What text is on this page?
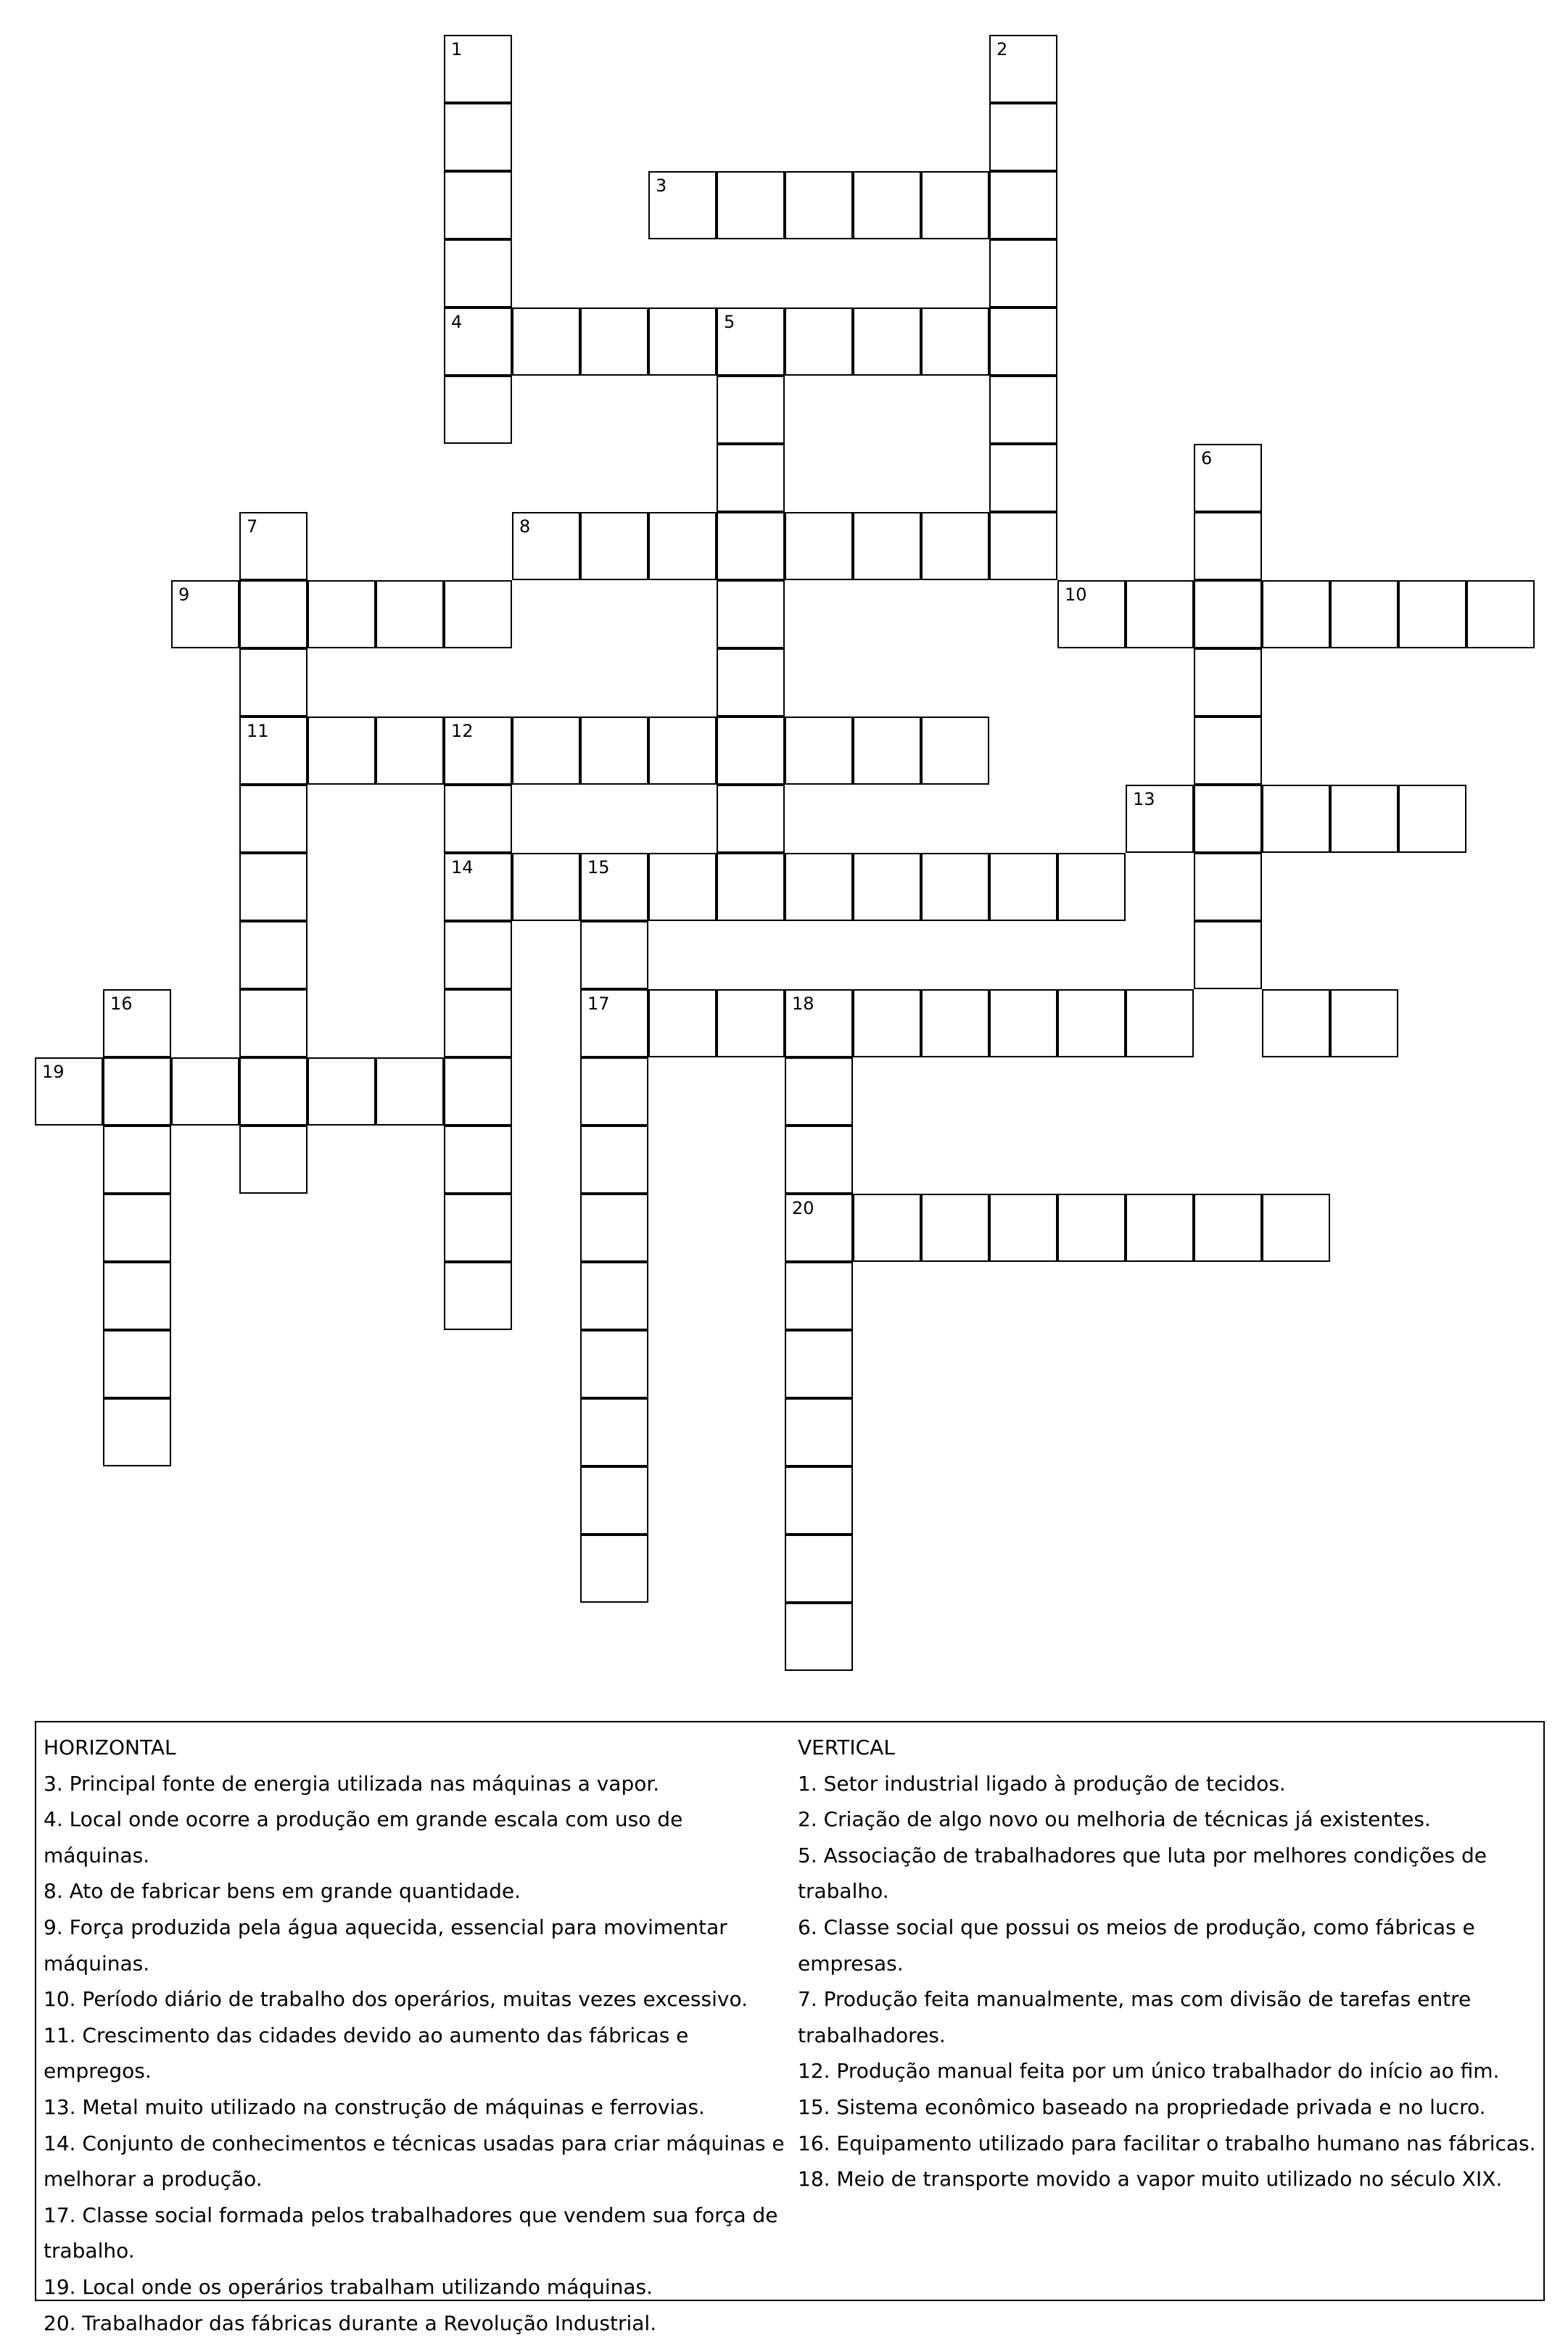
1
4
2
3
5
8
6
7
11
9	10
12
14
13
15
17	18
20
16
19
HORIZONTAL
3. Principal fonte de energia utilizada nas máquinas a vapor.
4. Local onde ocorre a produção em grande escala com uso de máquinas.
8. Ato de fabricar bens em grande quantidade.
9. Força produzida pela água aquecida, essencial para movimentar
máquinas.
10. Período diário de trabalho dos operários, muitas vezes excessivo.
11. Crescimento das cidades devido ao aumento das fábricas e empregos.
13. Metal muito utilizado na construção de máquinas e ferrovias.
14. Conjunto de conhecimentos e técnicas usadas para criar máquinas e
melhorar a produção.
17. Classe social formada pelos trabalhadores que vendem sua força de
trabalho.
19. Local onde os operários trabalham utilizando máquinas.
20. Trabalhador das fábricas durante a Revolução Industrial.
VERTICAL
1. Setor industrial ligado à produção de tecidos.
2. Criação de algo novo ou melhoria de técnicas já existentes.
5. Associação de trabalhadores que luta por melhores condições de
trabalho.
6. Classe social que possui os meios de produção, como fábricas e
empresas.
7. Produção feita manualmente, mas com divisão de tarefas entre
trabalhadores.
12. Produção manual feita por um único trabalhador do início ao fim.
15. Sistema econômico baseado na propriedade privada e no lucro.
16. Equipamento utilizado para facilitar o trabalho humano nas fábricas.
18. Meio de transporte movido a vapor muito utilizado no século XIX.
